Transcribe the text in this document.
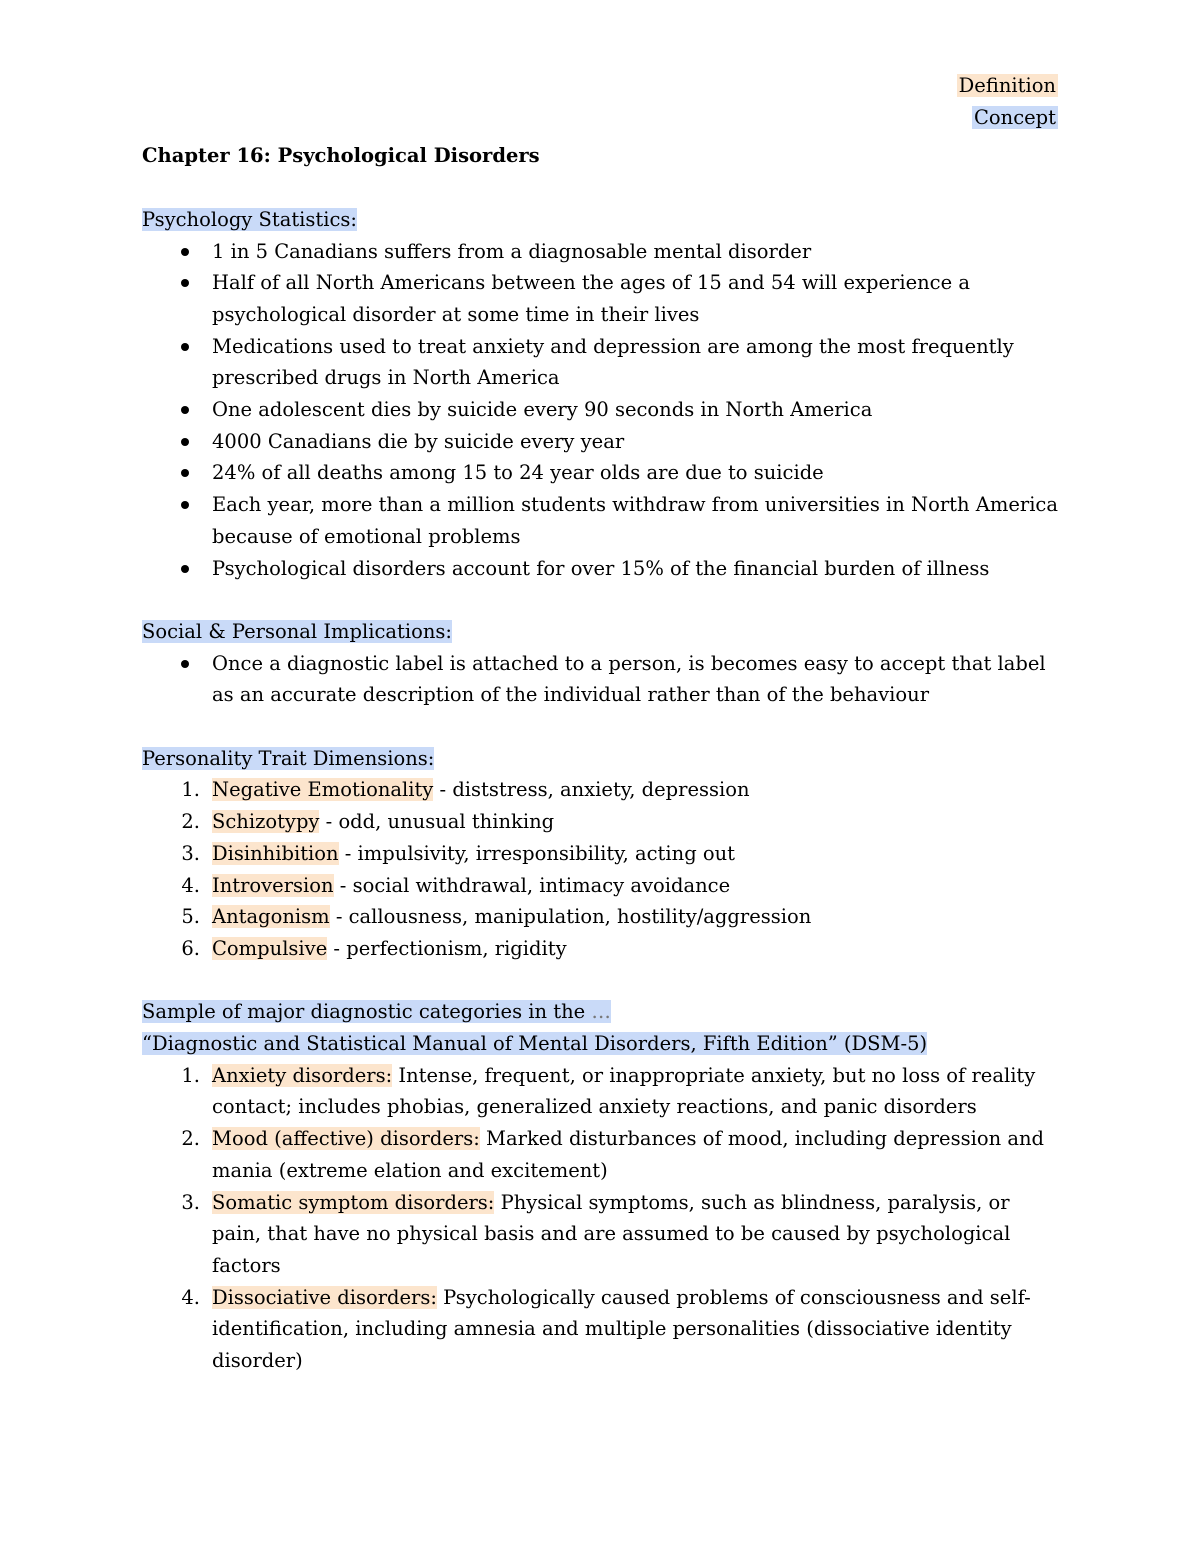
Definition
Concept
Chapter 16: Psychological Disorders
Psychology Statistics:
1 in 5 Canadians suffers from a diagnosable mental disorder
Half of all North Americans between the ages of 15 and 54 will experience a psychological disorder at some time in their lives
Medications used to treat anxiety and depression are among the most frequently prescribed drugs in North America
One adolescent dies by suicide every 90 seconds in North America
4000 Canadians die by suicide every year
24% of all deaths among 15 to 24 year olds are due to suicide
Each year, more than a million students withdraw from universities in North America because of emotional problems
Psychological disorders account for over 15% of the financial burden of illness
Social & Personal Implications:
Once a diagnostic label is attached to a person, is becomes easy to accept that label as an accurate description of the individual rather than of the behaviour
Personality Trait Dimensions:
1. Negative Emotionality - diststress, anxiety, depression
2. Schizotypy - odd, unusual thinking
3. Disinhibition - impulsivity, irresponsibility, acting out
4. Introversion - social withdrawal, intimacy avoidance
5. Antagonism - callousness, manipulation, hostility/aggression
6. Compulsive - perfectionism, rigidity
Sample of major diagnostic categories in the …
“Diagnostic and Statistical Manual of Mental Disorders, Fifth Edition” (DSM-5)
1. Anxiety disorders: Intense, frequent, or inappropriate anxiety, but no loss of reality contact; includes phobias, generalized anxiety reactions, and panic disorders
2. Mood (affective) disorders: Marked disturbances of mood, including depression and mania (extreme elation and excitement)
3. Somatic symptom disorders: Physical symptoms, such as blindness, paralysis, or pain, that have no physical basis and are assumed to be caused by psychological factors
4. Dissociative disorders: Psychologically caused problems of consciousness and self-identification, including amnesia and multiple personalities (dissociative identity disorder)
